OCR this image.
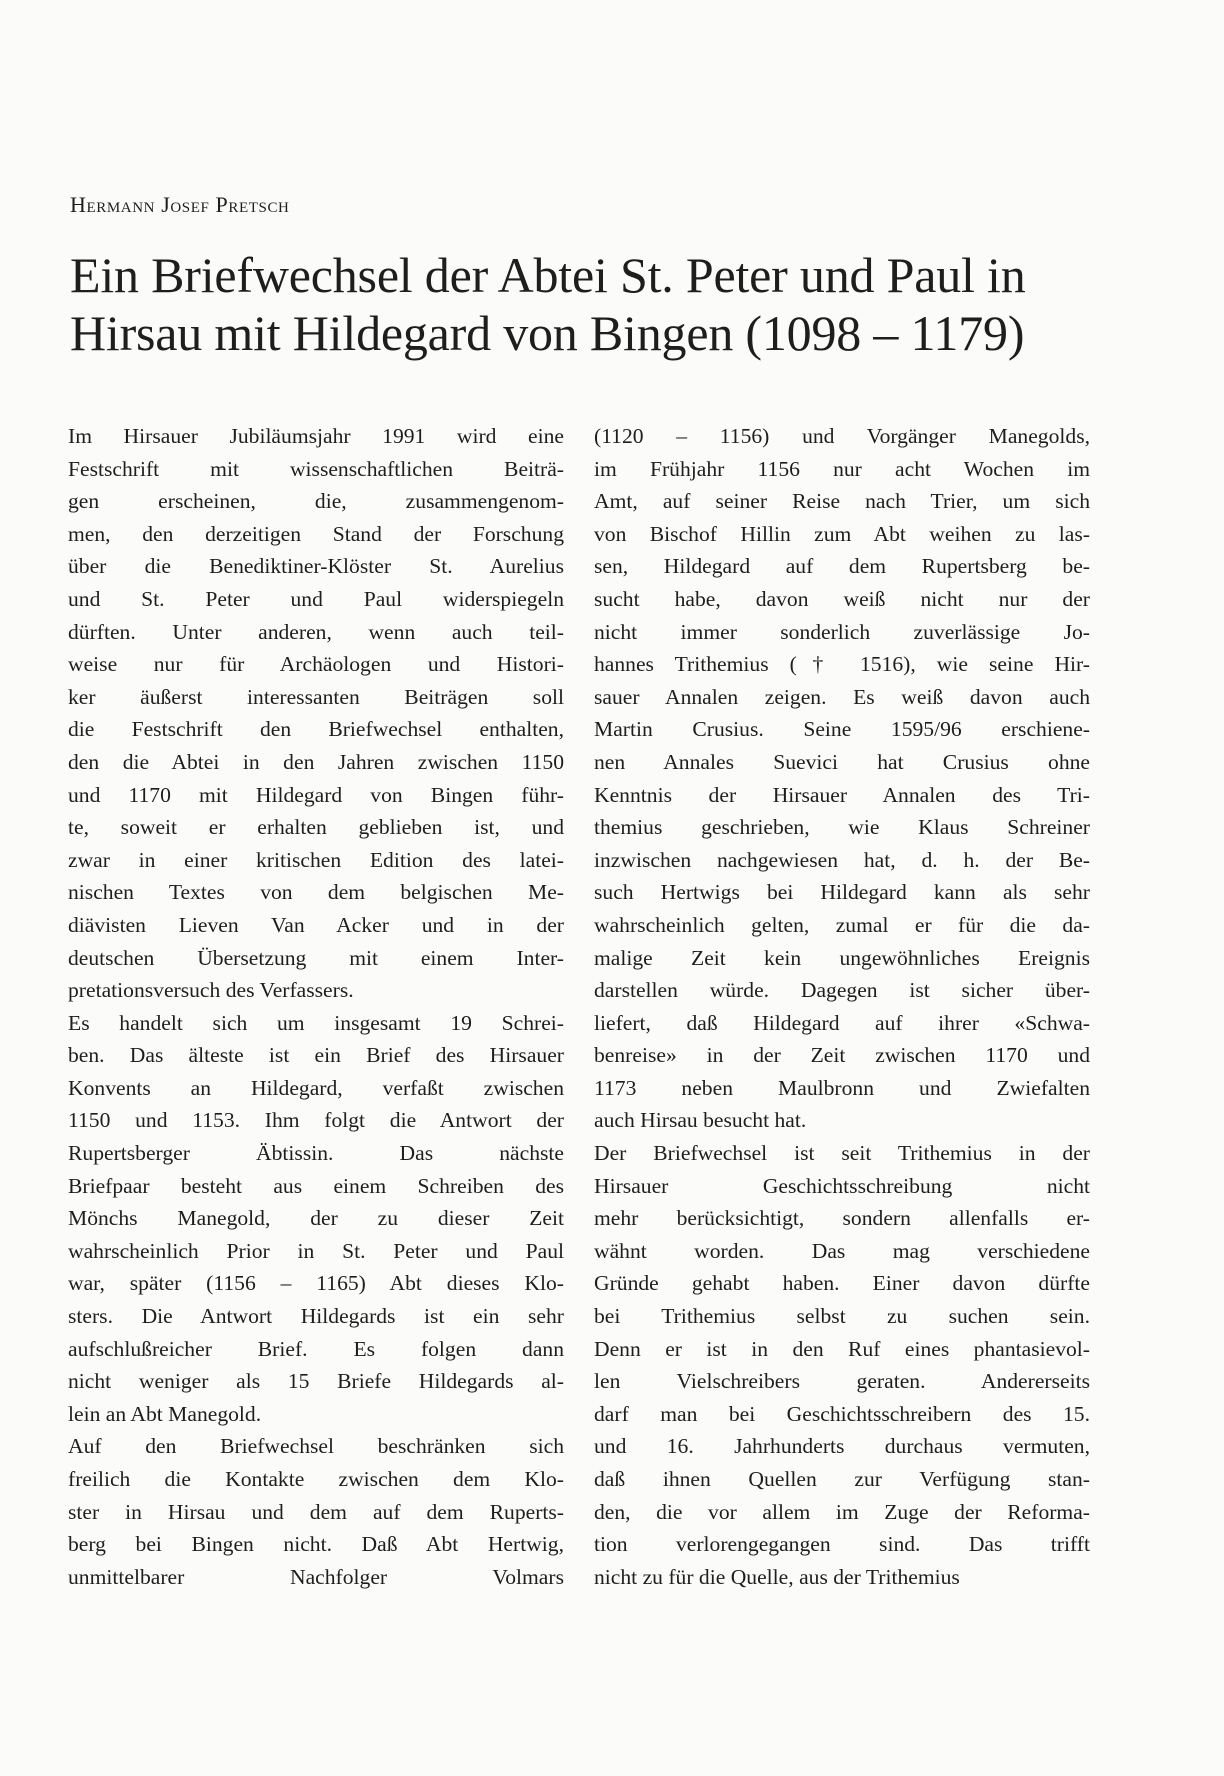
Hermann Josef Pretsch
Ein Briefwechsel der Abtei St. Peter und Paul in
Hirsau mit Hildegard von Bingen (1098 – 1179)
Im Hirsauer Jubiläumsjahr 1991 wird eine
Festschrift mit wissenschaftlichen Beiträ-
gen erscheinen, die, zusammengenom-
men, den derzeitigen Stand der Forschung
über die Benediktiner-Klöster St. Aurelius
und St. Peter und Paul widerspiegeln
dürften. Unter anderen, wenn auch teil-
weise nur für Archäologen und Histori-
ker äußerst interessanten Beiträgen soll
die Festschrift den Briefwechsel enthalten,
den die Abtei in den Jahren zwischen 1150
und 1170 mit Hildegard von Bingen führ-
te, soweit er erhalten geblieben ist, und
zwar in einer kritischen Edition des latei-
nischen Textes von dem belgischen Me-
diävisten Lieven Van Acker und in der
deutschen Übersetzung mit einem Inter-
pretationsversuch des Verfassers.
Es handelt sich um insgesamt 19 Schrei-
ben. Das älteste ist ein Brief des Hirsauer
Konvents an Hildegard, verfaßt zwischen
1150 und 1153. Ihm folgt die Antwort der
Rupertsberger Äbtissin. Das nächste
Briefpaar besteht aus einem Schreiben des
Mönchs Manegold, der zu dieser Zeit
wahrscheinlich Prior in St. Peter und Paul
war, später (1156 – 1165) Abt dieses Klo-
sters. Die Antwort Hildegards ist ein sehr
aufschlußreicher Brief. Es folgen dann
nicht weniger als 15 Briefe Hildegards al-
lein an Abt Manegold.
Auf den Briefwechsel beschränken sich
freilich die Kontakte zwischen dem Klo-
ster in Hirsau und dem auf dem Ruperts-
berg bei Bingen nicht. Daß Abt Hertwig,
unmittelbarer Nachfolger Volmars
(1120 – 1156) und Vorgänger Manegolds,
im Frühjahr 1156 nur acht Wochen im
Amt, auf seiner Reise nach Trier, um sich
von Bischof Hillin zum Abt weihen zu las-
sen, Hildegard auf dem Rupertsberg be-
sucht habe, davon weiß nicht nur der
nicht immer sonderlich zuverlässige Jo-
hannes Trithemius († 1516), wie seine Hir-
sauer Annalen zeigen. Es weiß davon auch
Martin Crusius. Seine 1595/96 erschiene-
nen Annales Suevici hat Crusius ohne
Kenntnis der Hirsauer Annalen des Tri-
themius geschrieben, wie Klaus Schreiner
inzwischen nachgewiesen hat, d. h. der Be-
such Hertwigs bei Hildegard kann als sehr
wahrscheinlich gelten, zumal er für die da-
malige Zeit kein ungewöhnliches Ereignis
darstellen würde. Dagegen ist sicher über-
liefert, daß Hildegard auf ihrer «Schwa-
benreise» in der Zeit zwischen 1170 und
1173 neben Maulbronn und Zwiefalten
auch Hirsau besucht hat.
Der Briefwechsel ist seit Trithemius in der
Hirsauer Geschichtsschreibung nicht
mehr berücksichtigt, sondern allenfalls er-
wähnt worden. Das mag verschiedene
Gründe gehabt haben. Einer davon dürfte
bei Trithemius selbst zu suchen sein.
Denn er ist in den Ruf eines phantasievol-
len Vielschreibers geraten. Andererseits
darf man bei Geschichtsschreibern des 15.
und 16. Jahrhunderts durchaus vermuten,
daß ihnen Quellen zur Verfügung stan-
den, die vor allem im Zuge der Reforma-
tion verlorengegangen sind. Das trifft
nicht zu für die Quelle, aus der Trithemius
